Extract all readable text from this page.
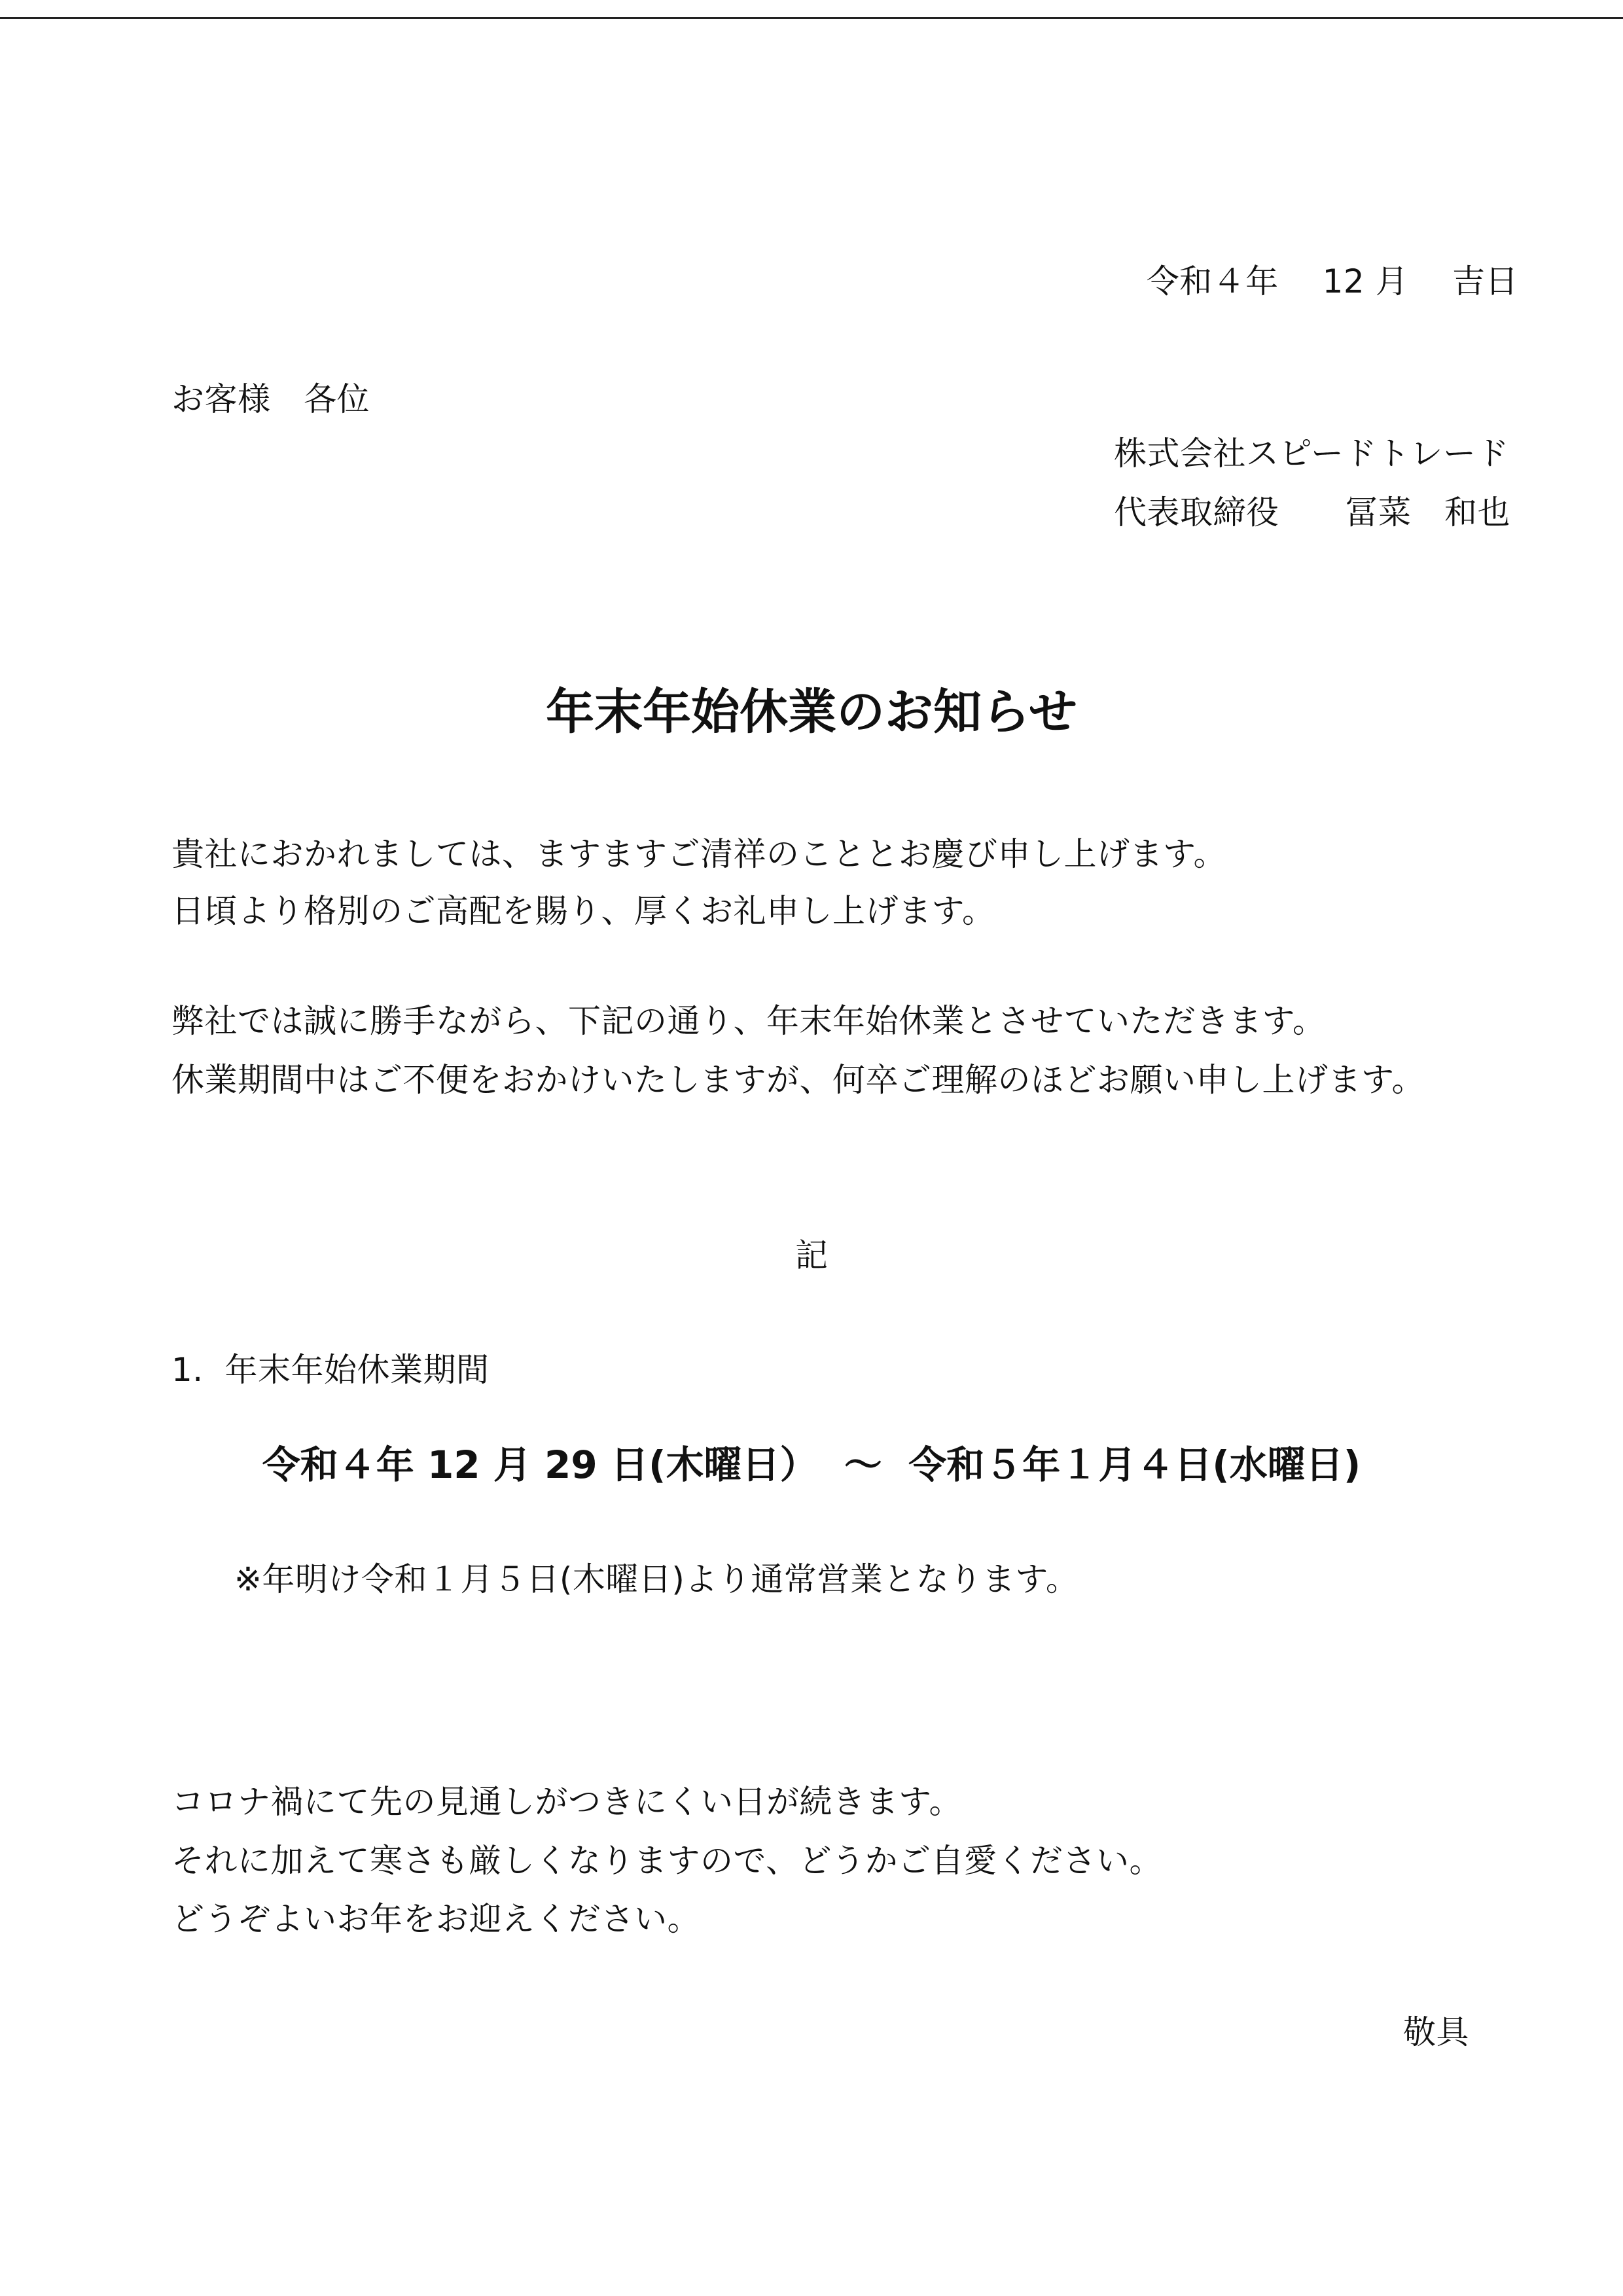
令和４年　 12 月　 吉日
お客様　各位
株式会社スピードトレード
代表取締役　　冨菜　和也
年末年始休業のお知らせ
貴社におかれましては、ますますご清祥のこととお慶び申し上げます。
日頃より格別のご高配を賜り、厚くお礼申し上げます。
弊社では誠に勝手ながら、下記の通り、年末年始休業とさせていただきます。
休業期間中はご不便をおかけいたしますが、何卒ご理解のほどお願い申し上げます。
記
1.  年末年始休業期間
令和４年 12 月 29 日(木曜日）  ～  令和５年１月４日(水曜日)
※年明け令和１月５日(木曜日)より通常営業となります。
コロナ禍にて先の見通しがつきにくい日が続きます。
それに加えて寒さも厳しくなりますので、どうかご自愛ください。
どうぞよいお年をお迎えください。
敬具
